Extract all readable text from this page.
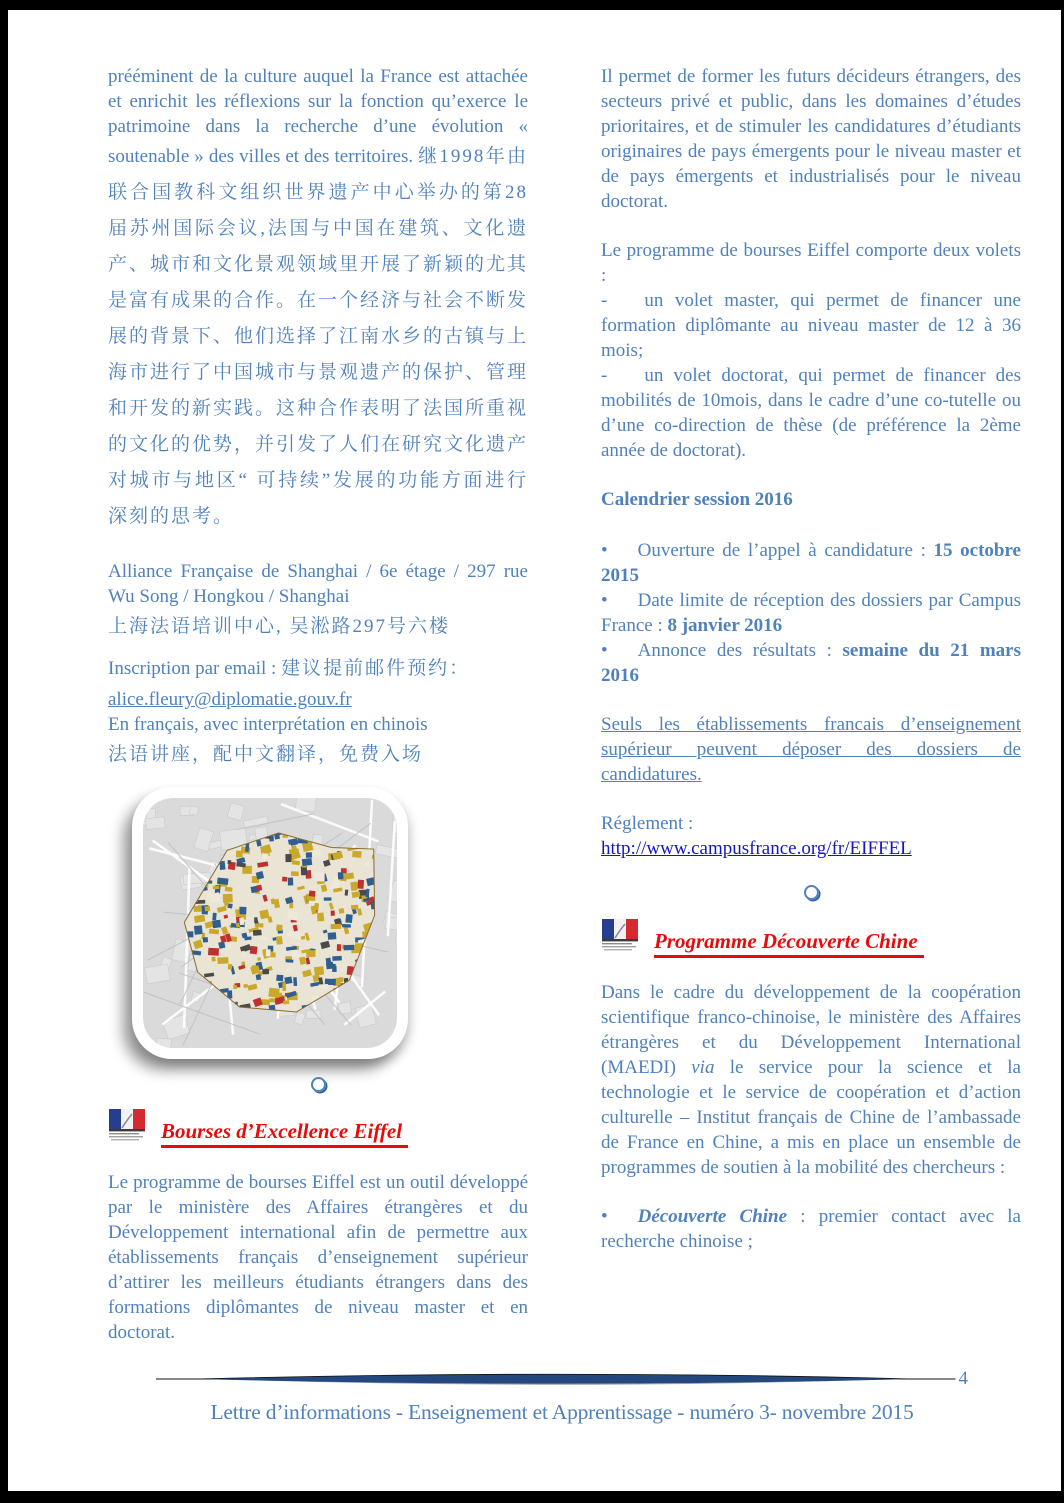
prééminent de la culture auquel la France est attachée et enrichit les réflexions sur la fonction qu’exerce le patrimoine dans la recherche d’une évolution « soutenable » des villes et des territoires. 继1998年由联合国教科文组织世界遗产中心举办的第28届苏州国际会议,法国与中国在建筑、文化遗产、城市和文化景观领域里开展了新颖的尤其是富有成果的合作。在一个经济与社会不断发展的背景下、他们选择了江南水乡的古镇与上海市进行了中国城市与景观遗产的保护、管理和开发的新实践。这种合作表明了法国所重视的文化的优势，并引发了人们在研究文化遗产对城市与地区“ 可持续”发展的功能方面进行深刻的思考。

Alliance Française de Shanghai / 6e étage / 297 rue Wu Song / Hongkou / Shanghai
上海法语培训中心, 吴淞路297号六楼

Inscription par email : 建议提前邮件预约：
alice.fleury@diplomatie.gouv.fr
En français, avec interprétation en chinois
法语讲座，配中文翻译，免费入场

Bourses d’Excellence Eiffel

Le programme de bourses Eiffel est un outil développé par le ministère des Affaires étrangères et du Développement international afin de permettre aux établissements français d’enseignement supérieur d’attirer les meilleurs étudiants étrangers dans des formations diplômantes de niveau master et en doctorat.

Il permet de former les futurs décideurs étrangers, des secteurs privé et public, dans les domaines d’études prioritaires, et de stimuler les candidatures d’étudiants originaires de pays émergents pour le niveau master et de pays émergents et industrialisés pour le niveau doctorat.

Le programme de bourses Eiffel comporte deux volets :

- un volet master, qui permet de financer une formation diplômante au niveau master de 12 à 36 mois;

- un volet doctorat, qui permet de financer des mobilités de 10mois, dans le cadre d’une co-tutelle ou d’une co-direction de thèse (de préférence la 2ème année de doctorat).

Calendrier session 2016

• Ouverture de l’appel à candidature : 15 octobre 2015

• Date limite de réception des dossiers par Campus France : 8 janvier 2016

• Annonce des résultats : semaine du 21 mars 2016

Seuls les établissements francais d’enseignement supérieur peuvent déposer des dossiers de candidatures.

Réglement :

http://www.campusfrance.org/fr/EIFFEL

Programme Découverte Chine

Dans le cadre du développement de la coopération scientifique franco-chinoise, le ministère des Affaires étrangères et du Développement International (MAEDI) via le service pour la science et la technologie et le service de coopération et d’action culturelle – Institut français de Chine de l’ambassade de France en Chine, a mis en place un ensemble de programmes de soutien à la mobilité des chercheurs :

• Découverte Chine : premier contact avec la recherche chinoise ;

4
Lettre d’informations - Enseignement et Apprentissage - numéro 3- novembre 2015
